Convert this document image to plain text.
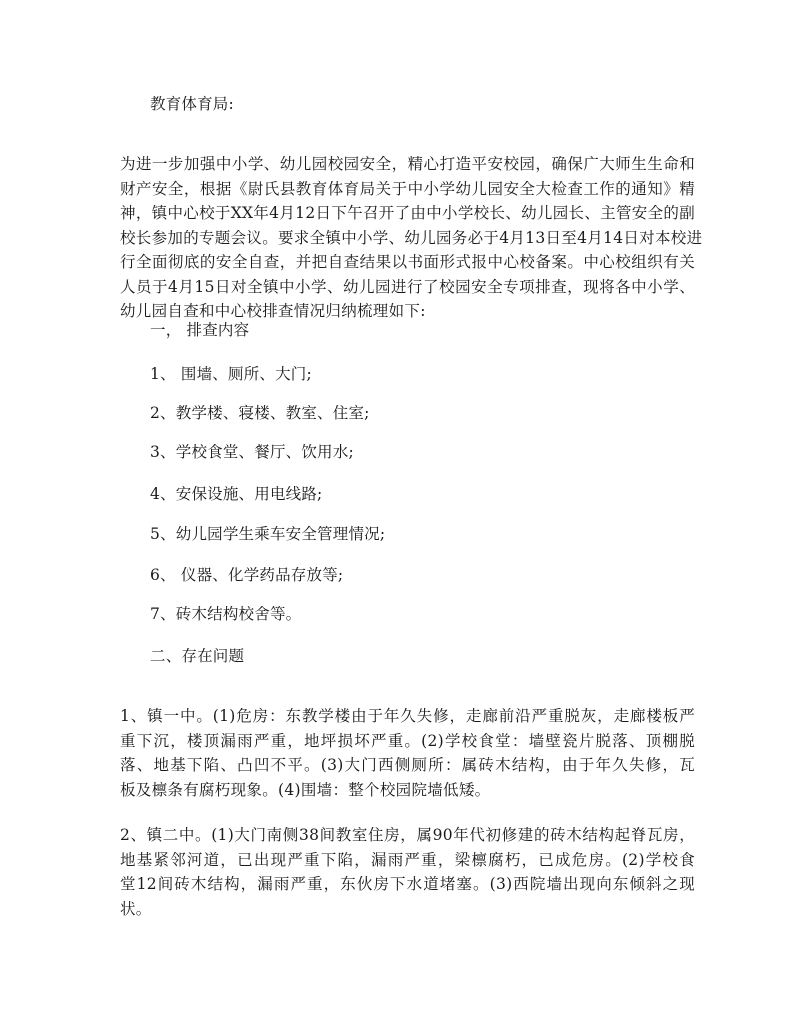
教育体育局:
为进一步加强中小学、幼儿园校园安全，精心打造平安校园，确保广大师生生命和
财产安全，根据《尉氏县教育体育局关于中小学幼儿园安全大检查工作的通知》精
神，镇中心校于XX年4月12日下午召开了由中小学校长、幼儿园长、主管安全的副
校长参加的专题会议。要求全镇中小学、幼儿园务必于4月13日至4月14日对本校进
行全面彻底的安全自查，并把自查结果以书面形式报中心校备案。中心校组织有关
人员于4月15日对全镇中小学、幼儿园进行了校园安全专项排查，现将各中小学、
幼儿园自查和中心校排查情况归纳梳理如下:
一， 排查内容
1、 围墙、厕所、大门;
2、教学楼、寝楼、教室、住室;
3、学校食堂、餐厅、饮用水;
4、安保设施、用电线路;
5、幼儿园学生乘车安全管理情况;
6、 仪器、化学药品存放等;
7、砖木结构校舍等。
二、存在问题
1、镇一中。(1)危房：东教学楼由于年久失修，走廊前沿严重脱灰，走廊楼板严
重下沉，楼顶漏雨严重，地坪损坏严重。(2)学校食堂：墙壁瓷片脱落、顶棚脱
落、地基下陷、凸凹不平。(3)大门西侧厕所：属砖木结构，由于年久失修，瓦
板及檩条有腐朽现象。(4)围墙：整个校园院墙低矮。
2、镇二中。(1)大门南侧38间教室住房，属90年代初修建的砖木结构起脊瓦房，
地基紧邻河道，已出现严重下陷，漏雨严重，梁檩腐朽，已成危房。(2)学校食
堂12间砖木结构，漏雨严重，东伙房下水道堵塞。(3)西院墙出现向东倾斜之现
状。
